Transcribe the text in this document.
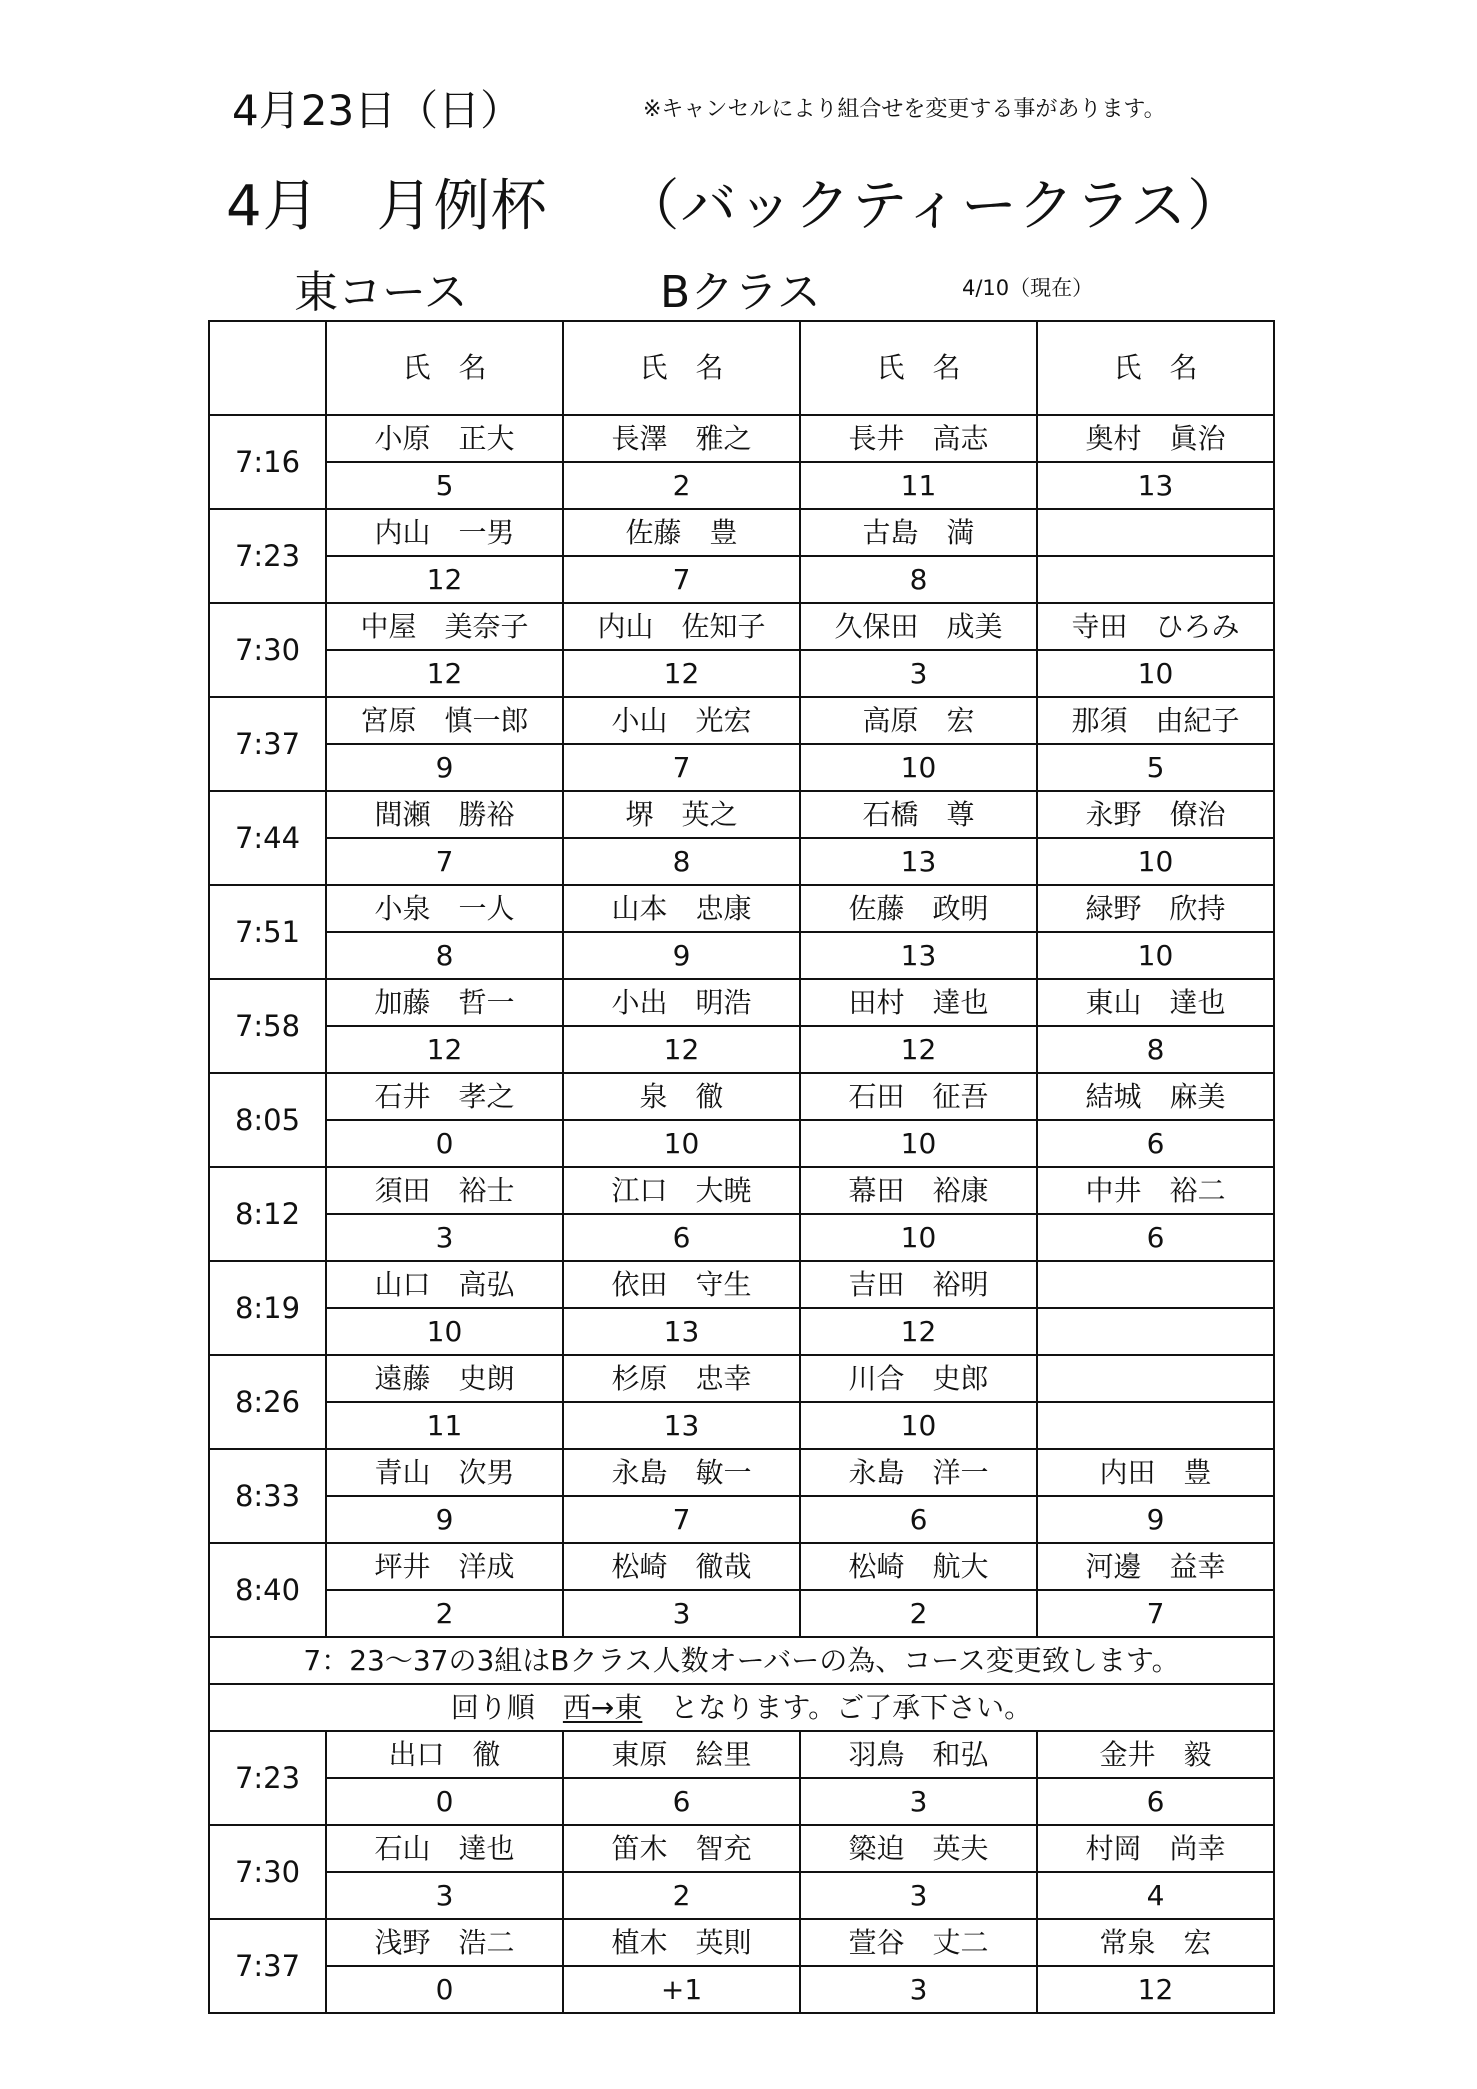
4月23日（日）	※キャンセルにより組合せを変更する事があります。
4月　月例杯　 （バックティークラス）
東コース	Bクラス	4/10（現在）
	氏　名	氏　名	氏　名	氏　名
7:16	小原　正大	長澤　雅之	長井　高志	奥村　眞治
	5	2	11	13
7:23	内山　一男	佐藤　豊	古島　満	
	12	7	8	
7:30	中屋　美奈子	内山　佐知子	久保田　成美	寺田　ひろみ
	12	12	3	10
7:37	宮原　慎一郎	小山　光宏	高原　宏	那須　由紀子
	9	7	10	5
7:44	間瀬　勝裕	堺　英之	石橋　尊	永野　僚治
	7	8	13	10
7:51	小泉　一人	山本　忠康	佐藤　政明	緑野　欣持
	8	9	13	10
7:58	加藤　哲一	小出　明浩	田村　達也	東山　達也
	12	12	12	8
8:05	石井　孝之	泉　徹	石田　征吾	結城　麻美
	0	10	10	6
8:12	須田　裕士	江口　大暁	幕田　裕康	中井　裕二
	3	6	10	6
8:19	山口　高弘	依田　守生	吉田　裕明	
	10	13	12	
8:26	遠藤　史朗	杉原　忠幸	川合　史郎	
	11	13	10	
8:33	青山　次男	永島　敏一	永島　洋一	内田　豊
	9	7	6	9
8:40	坪井　洋成	松崎　徹哉	松崎　航大	河邊　益幸
	2	3	2	7
7：23～37の3組はBクラス人数オーバーの為、コース変更致します。				
回り順　西→東　となります。ご了承下さい。				
7:23	出口　徹	東原　絵里	羽鳥　和弘	金井　毅
	0	6	3	6
7:30	石山　達也	笛木　智充	簗迫　英夫	村岡　尚幸
	3	2	3	4
7:37	浅野　浩二	植木　英則	萱谷　丈二	常泉　宏
	0	+1	3	12
